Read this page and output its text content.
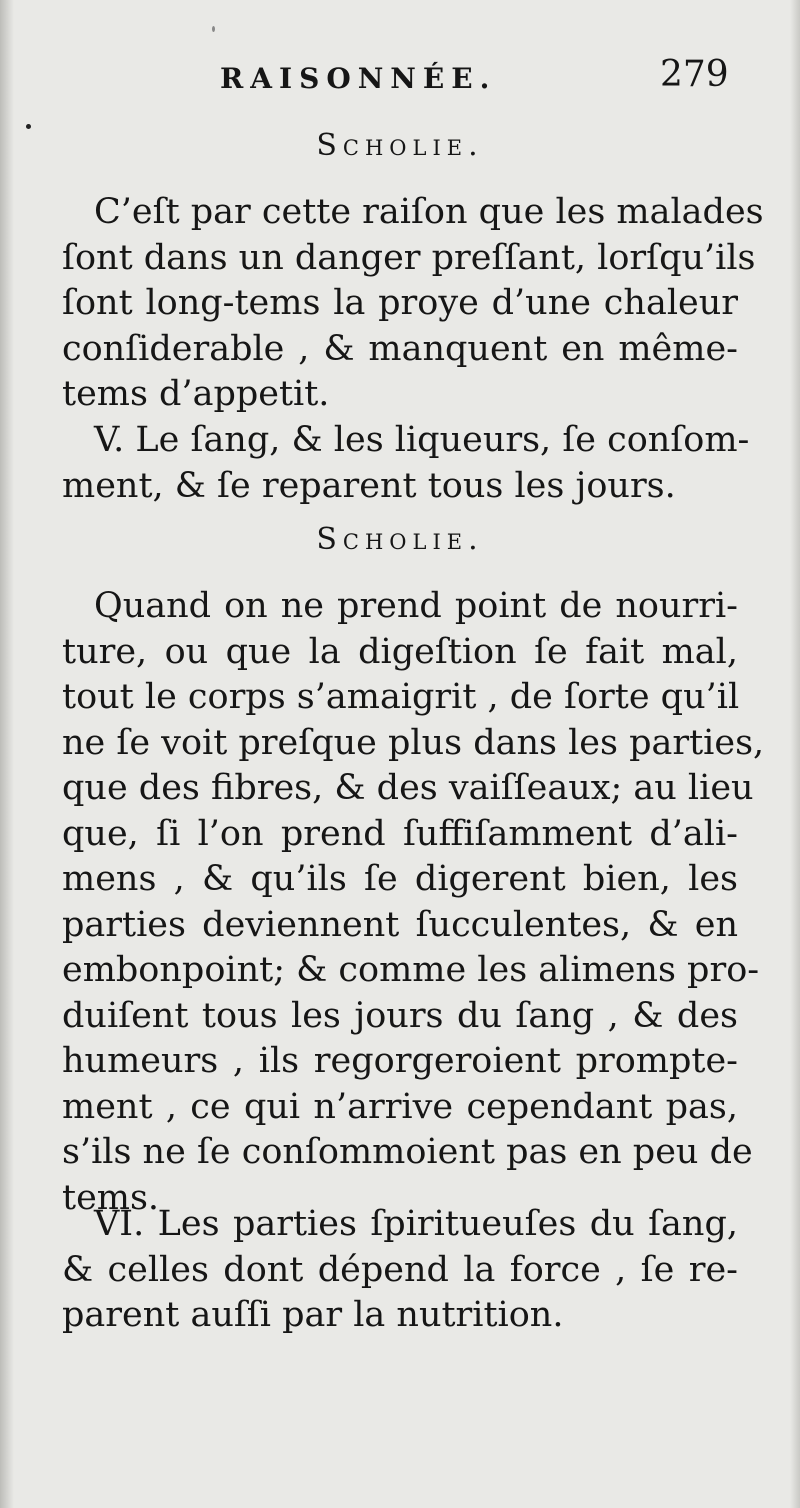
RAISONNÉE.	279
Scholie.
C’eſt par cette raiſon que les malades
ſont dans un danger preſſant, lorſqu’ils
ſont long-tems la proye d’une chaleur
conſiderable , & manquent en même-
tems d’appetit.
V. Le ſang, & les liqueurs, ſe conſom-
ment, & ſe reparent tous les jours.
Scholie.
Quand on ne prend point de nourri-
ture, ou que la digeſtion ſe fait mal,
tout le corps s’amaigrit , de ſorte qu’il
ne ſe voit preſque plus dans les parties,
que des fibres, & des vaiſſeaux; au lieu
que, ſi l’on prend ſuffiſamment d’ali-
mens , & qu’ils ſe digerent bien, les
parties deviennent ſucculentes, & en
embonpoint; & comme les alimens pro-
duiſent tous les jours du ſang , & des
humeurs , ils regorgeroient prompte-
ment , ce qui n’arrive cependant pas,
s’ils ne ſe conſommoient pas en peu de
tems.
VI. Les parties ſpiritueuſes du ſang,
& celles dont dépend la force , ſe re-
parent auſſi par la nutrition.
